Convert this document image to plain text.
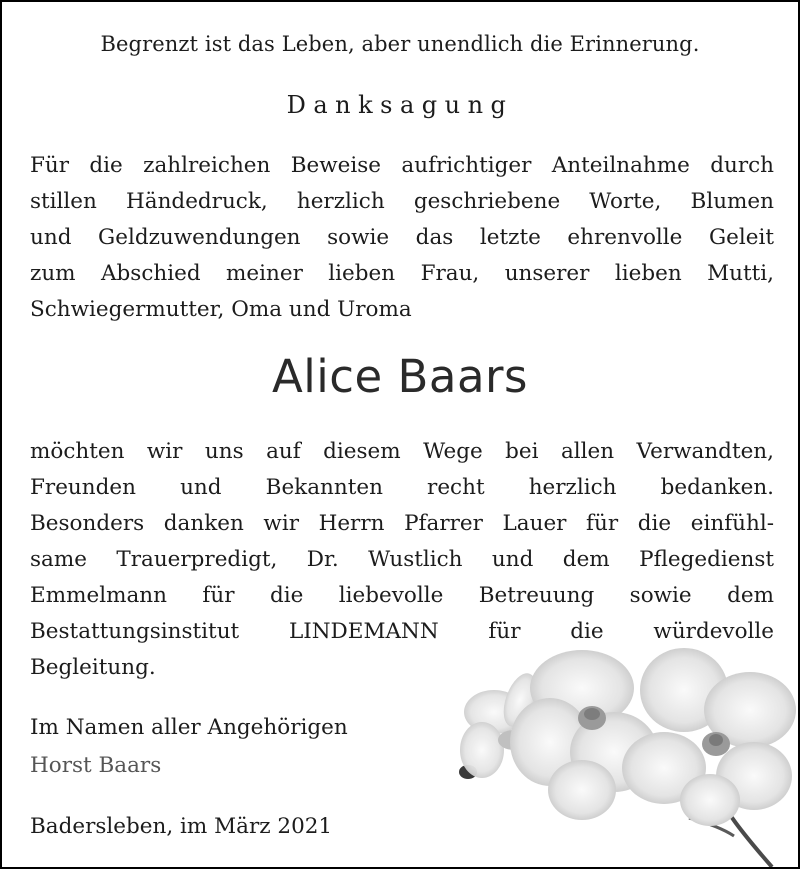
Begrenzt ist das Leben, aber unendlich die Erinnerung.
Danksagung
Für die zahlreichen Beweise aufrichtiger Anteilnahme durch
stillen Händedruck, herzlich geschriebene Worte, Blumen
und Geldzuwendungen sowie das letzte ehrenvolle Geleit
zum Abschied meiner lieben Frau, unserer lieben Mutti,
Schwiegermutter, Oma und Uroma
Alice Baars
möchten wir uns auf diesem Wege bei allen Verwandten,
Freunden und Bekannten recht herzlich bedanken.
Besonders danken wir Herrn Pfarrer Lauer für die einfühl-
same Trauerpredigt, Dr. Wustlich und dem Pflegedienst
Emmelmann für die liebevolle Betreuung sowie dem
Bestattungsinstitut LINDEMANN für die würdevolle
Begleitung.
Im Namen aller Angehörigen
Horst Baars
Badersleben, im März 2021
